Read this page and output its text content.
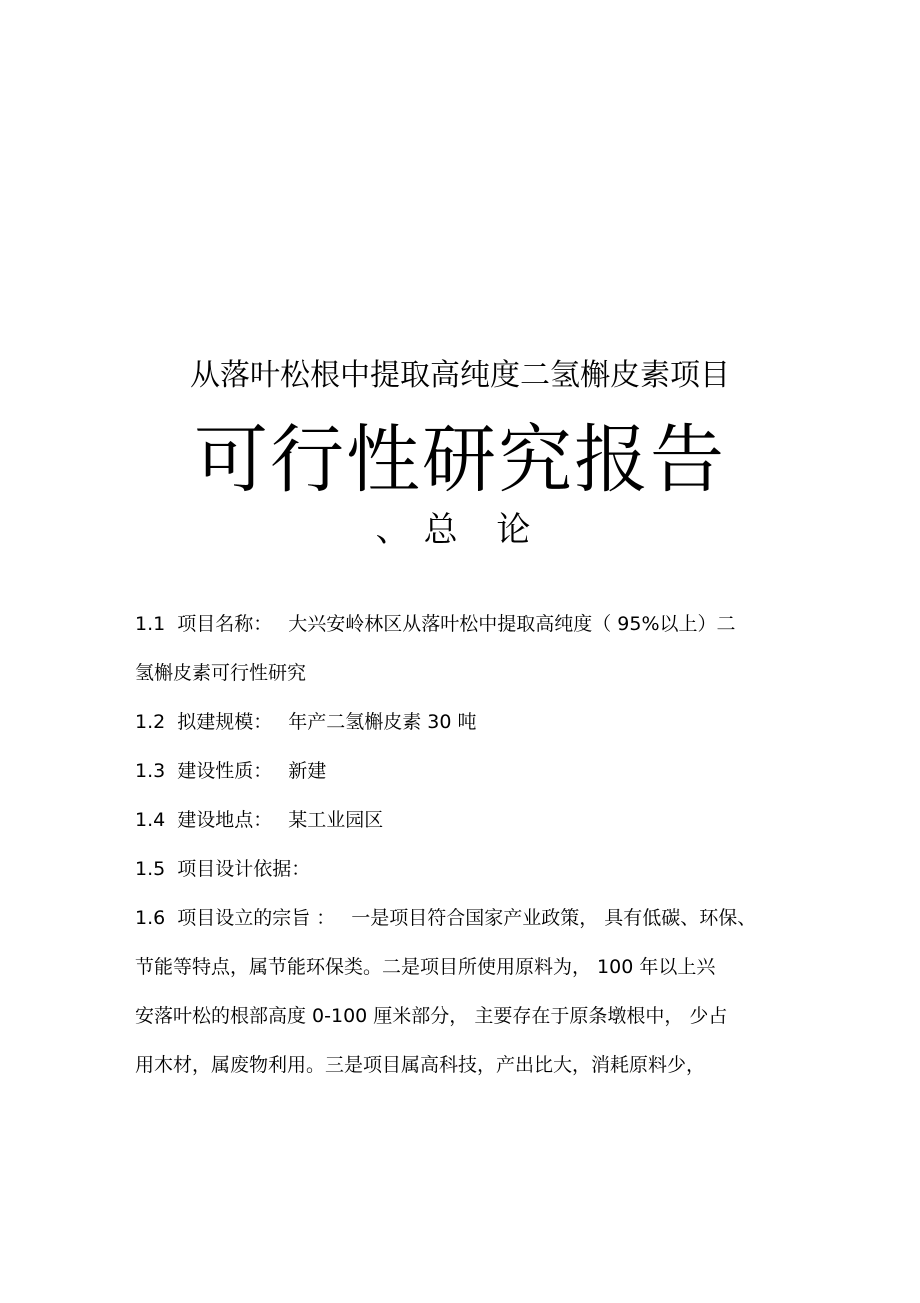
从落叶松根中提取高纯度二氢槲皮素项目
可行性研究报告
、总 论
1.1 项目名称： 大兴安岭林区从落叶松中提取高纯度（ 95%以上）二
氢槲皮素可行性研究
1.2 拟建规模： 年产二氢槲皮素 30 吨
1.3 建设性质： 新建
1.4 建设地点： 某工业园区
1.5 项目设计依据：
1.6 项目设立的宗旨 ： 一是项目符合国家产业政策， 具有低碳、环保、
节能等特点，属节能环保类。二是项目所使用原料为， 100 年以上兴
安落叶松的根部高度 0-100 厘米部分， 主要存在于原条墩根中， 少占
用木材，属废物利用。三是项目属高科技，产出比大，消耗原料少，
